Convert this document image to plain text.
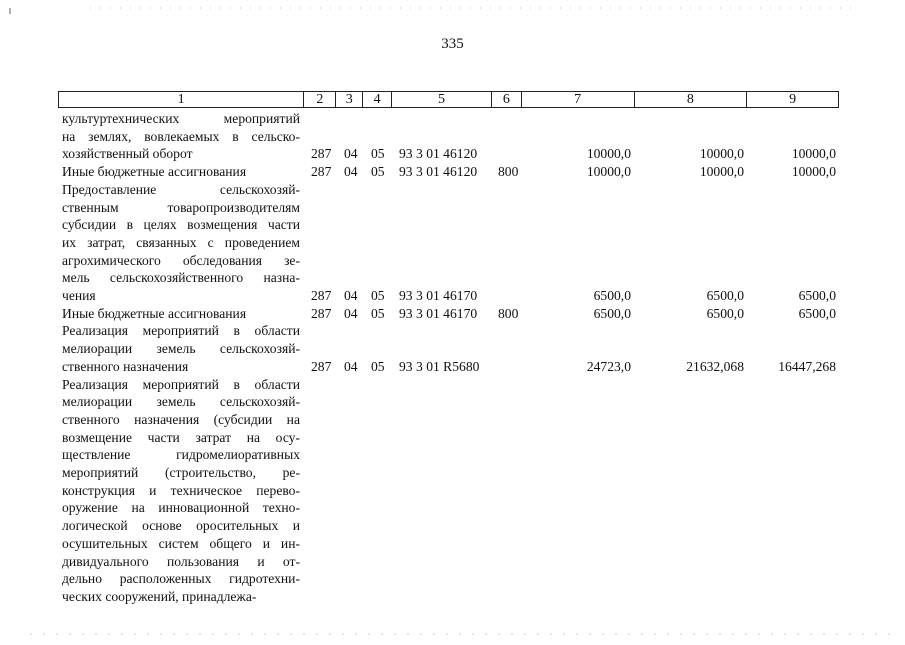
335
1	2	3	4	5	6	7	8	9
культуртехнических мероприятий
на землях, вовлекаемых в сельско-
хозяйственный оборот	287 04 05 93 3 01 46120	10000,0	10000,0	10000,0
Иные бюджетные ассигнования	287 04 05 93 3 01 46120 800	10000,0	10000,0	10000,0
Предоставление сельскохозяй-
ственным товаропроизводителям
субсидии в целях возмещения части
их затрат, связанных с проведением
агрохимического обследования зе-
мель сельскохозяйственного назна-
чения	287 04 05 93 3 01 46170	6500,0	6500,0	6500,0
Иные бюджетные ассигнования	287 04 05 93 3 01 46170 800	6500,0	6500,0	6500,0
Реализация мероприятий в области
мелиорации земель сельскохозяй-
ственного назначения	287 04 05 93 3 01 R5680	24723,0	21632,068	16447,268
Реализация мероприятий в области
мелиорации земель сельскохозяй-
ственного назначения (субсидии на
возмещение части затрат на осу-
ществление гидромелиоративных
мероприятий (строительство, ре-
конструкция и техническое перево-
оружение на инновационной техно-
логической основе оросительных и
осушительных систем общего и ин-
дивидуального пользования и от-
дельно расположенных гидротехни-
ческих сооружений, принадлежа-
